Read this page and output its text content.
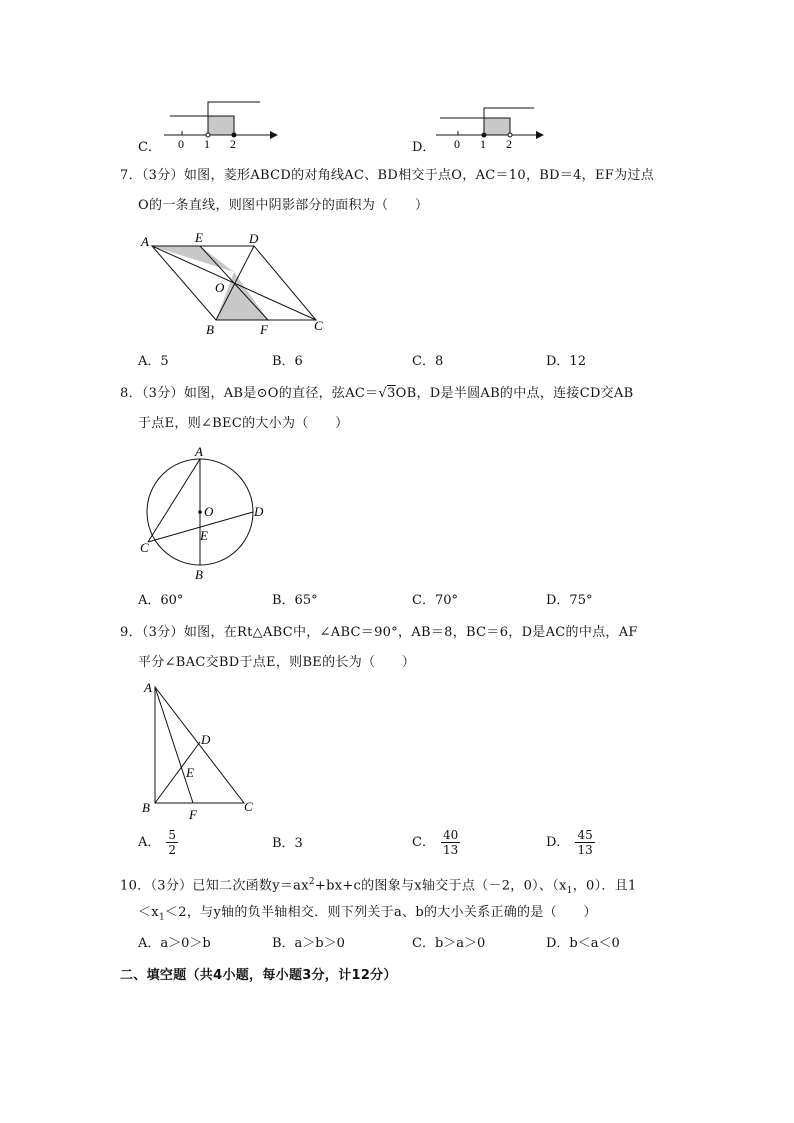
C． 0 1 2	D． 0 1 2
7．（3分）如图，菱形ABCD的对角线AC、BD相交于点O，AC＝10，BD＝4，EF为过点
O的一条直线，则图中阴影部分的面积为（　　）
A	E	D
O
B	F	C
A．5	B．6	C．8	D．12
8．（3分）如图，AB是⊙O的直径，弦AC＝√3OB，D是半圆AB的中点，连接CD交AB
于点E，则∠BEC的大小为（　　）
A
O	D
C
E
B
A．60°	B．65°	C．70°	D．75°
9．（3分）如图，在Rt△ABC中，∠ABC＝90°，AB＝8，BC＝6，D是AC的中点，AF
平分∠BAC交BD于点E，则BE的长为（　　）
A
D
E
B	F
C
A． $\frac{5}{2}$	B．3	C． $\frac{40}{13}$	D． $\frac{45}{13}$
10．（3分）已知二次函数$y=ax^2+bx+c$的图象与x轴交于点（－2，0）、（$x_1$，0）．且1
$<x_1<2$，与y轴的负半轴相交．则下列关于a、b的大小关系正确的是（　　）
A．a＞0＞b	B．a＞b＞0	C．b＞a＞0	D．b＜a＜0
二、填空题（共4小题，每小题3分，计12分）
